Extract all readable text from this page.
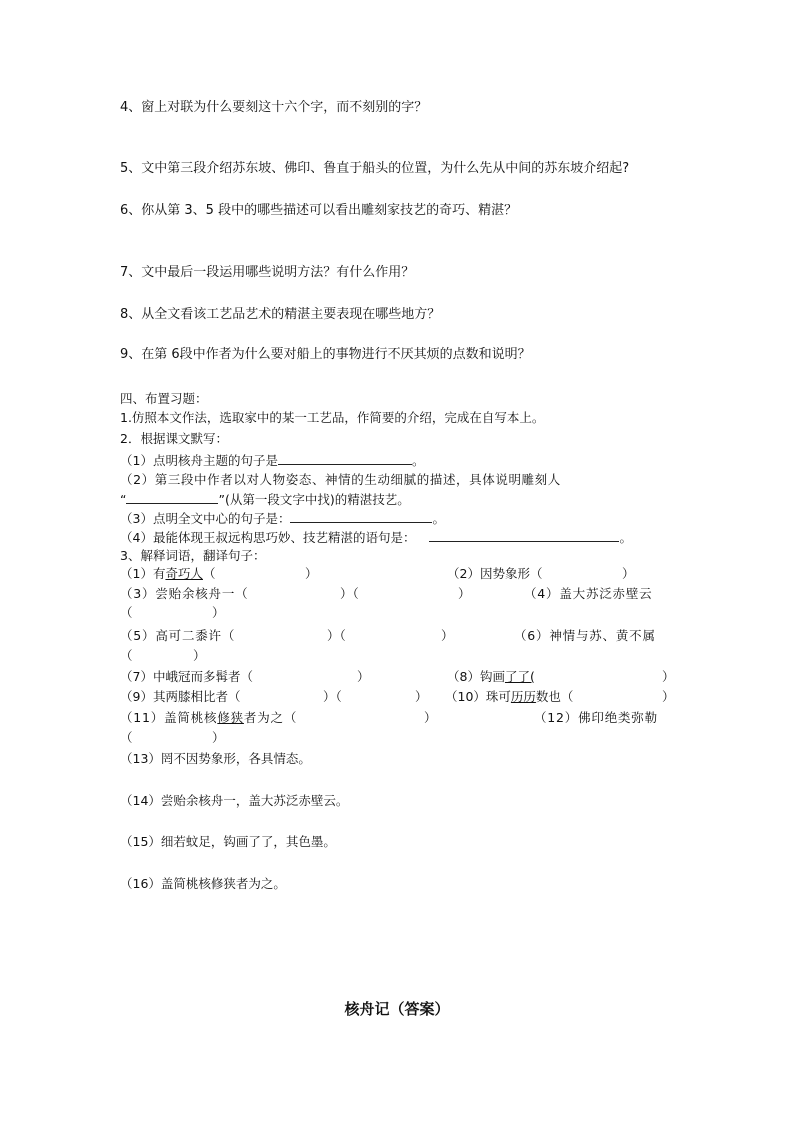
4、窗上对联为什么要刻这十六个字，而不刻别的字？
5、文中第三段介绍苏东坡、佛印、鲁直于船头的位置，为什么先从中间的苏东坡介绍起?
6、你从第 3、5 段中的哪些描述可以看出雕刻家技艺的奇巧、精湛？
7、文中最后一段运用哪些说明方法？有什么作用？
8、从全文看该工艺品艺术的精湛主要表现在哪些地方？
9、在第 6段中作者为什么要对船上的事物进行不厌其烦的点数和说明？
四、布置习题：
1.仿照本文作法，选取家中的某一工艺品，作简要的介绍，完成在自写本上。
2．根据课文默写：
（1）点明核舟主题的句子是	。
（2）第三段中作者以对人物姿态、神情的生动细腻的描述，具体说明雕刻人
“	”(从第一段文字中找)的精湛技艺。
（3）点明全文中心的句子是：	。
（4）最能体现王叔远构思巧妙、技艺精湛的语句是：	。
3、解释词语，翻译句子：
（1）有奇巧人（	）	（2）因势象形（	）
（3）尝贻余核舟一（	）（	）	（4）盖大苏泛赤壁云
（	）
（5）高可二黍许（	）（	）	（6）神情与苏、黄不属
（	）
（7）中峨冠而多髯者（	）	（8）钩画了了(	）
（9）其两膝相比者（	）（	） （10）珠可历历数也（	）
（11）盖简桃核修狭者为之（	）	（12）佛印绝类弥勒
（	）
（13）罔不因势象形，各具情态。
（14）尝贻余核舟一，盖大苏泛赤壁云。
（15）细若蚊足，钩画了了，其色墨。
（16）盖简桃核修狭者为之。
核舟记（答案）
